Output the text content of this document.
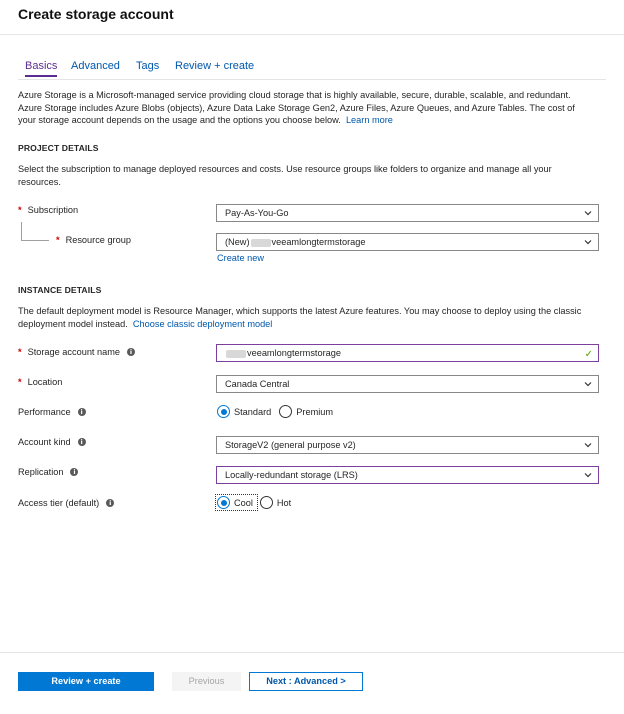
Create storage account
Basics Advanced Tags Review + create
Azure Storage is a Microsoft-managed service providing cloud storage that is highly available, secure, durable, scalable, and redundant.
Azure Storage includes Azure Blobs (objects), Azure Data Lake Storage Gen2, Azure Files, Azure Queues, and Azure Tables. The cost of
your storage account depends on the usage and the options you choose below. Learn more
PROJECT DETAILS
Select the subscription to manage deployed resources and costs. Use resource groups like folders to organize and manage all your
resources.
* Subscription	Pay-As-You-Go
* Resource group	(New) veeamlongtermstorage
Create new
INSTANCE DETAILS
The default deployment model is Resource Manager, which supports the latest Azure features. You may choose to deploy using the classic
deployment model instead. Choose classic deployment model
* Storage account name	i	veeamlongtermstorage	✓
* Location	Canada Central
Performance	i	Standard	Premium
Account kind	i	StorageV2 (general purpose v2)
Replication	i	Locally-redundant storage (LRS)
Access tier (default)	i	Cool	Hot
Review + create	Previous	Next : Advanced >
